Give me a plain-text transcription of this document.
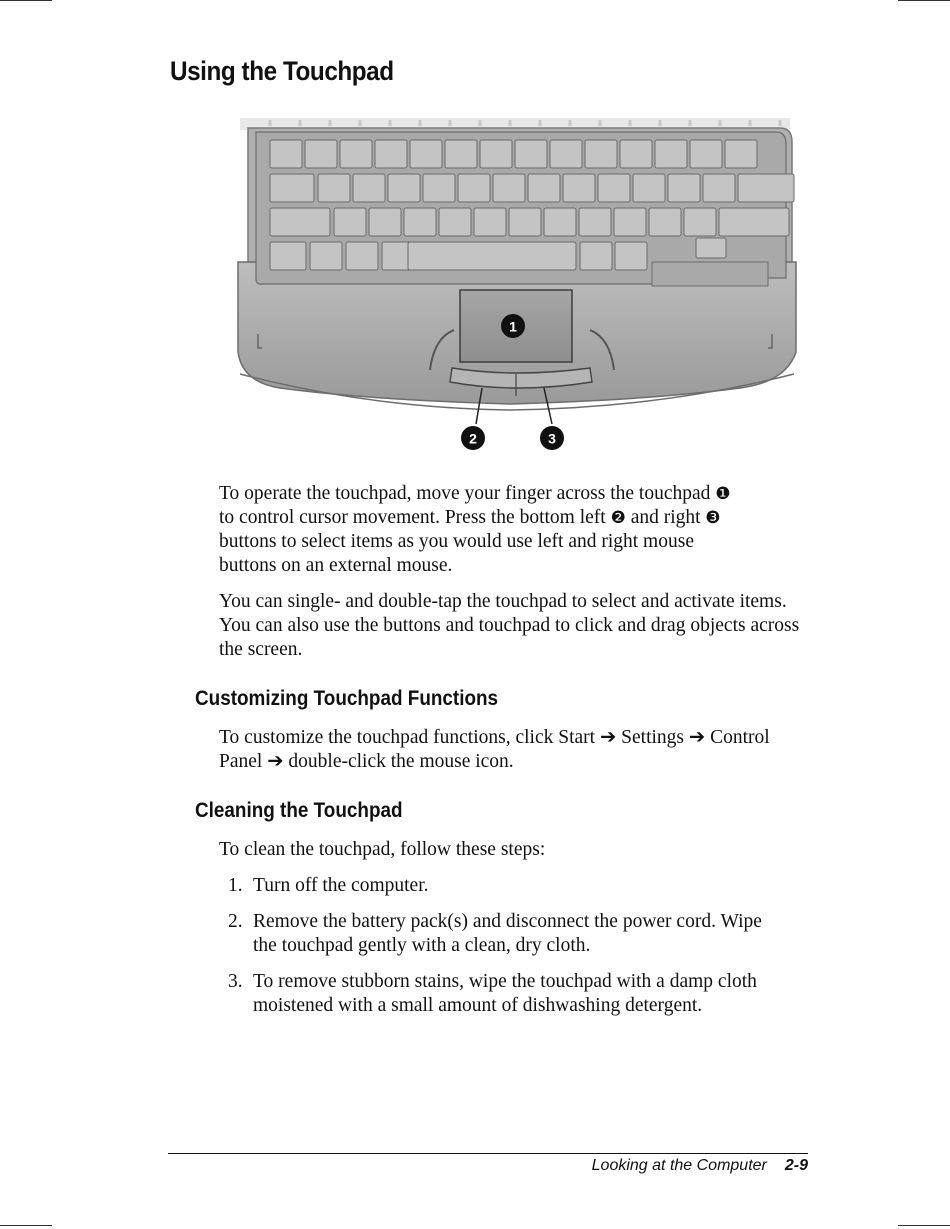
Using the Touchpad
1
2	3

To operate the touchpad, move your finger across the touchpad ❶
to control cursor movement. Press the bottom left ❷ and right ❸
buttons to select items as you would use left and right mouse
buttons on an external mouse.

You can single- and double-tap the touchpad to select and activate items. You can also use the buttons and touchpad to click and drag objects across the screen.

Customizing Touchpad Functions

To customize the touchpad functions, click Start ➔ Settings ➔ Control Panel ➔ double-click the mouse icon.

Cleaning the Touchpad

To clean the touchpad, follow these steps:

1. Turn off the computer.
2. Remove the battery pack(s) and disconnect the power cord. Wipe the touchpad gently with a clean, dry cloth.
3. To remove stubborn stains, wipe the touchpad with a damp cloth moistened with a small amount of dishwashing detergent.
Looking at the Computer 2-9
